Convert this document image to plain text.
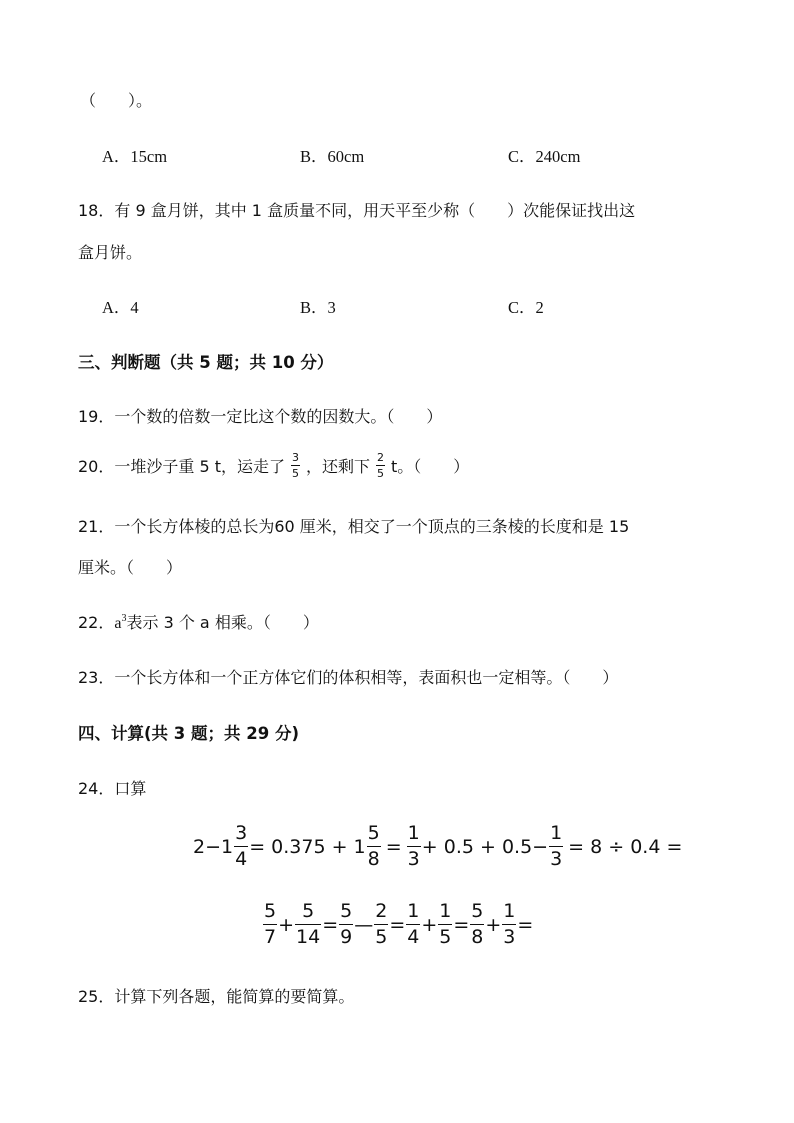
（　　）。
A．15cm	B．60cm	C．240cm
18．有 9 盒月饼，其中 1 盒质量不同，用天平至少称（　　）次能保证找出这
盒月饼。
A．4	B．3	C．2
三、判断题（共 5 题；共 10 分）
19．一个数的倍数一定比这个数的因数大。（　　）
20．一堆沙子重 5 t，运走了 $\frac{3}{5}$ ，还剩下 $\frac{2}{5}$ t。（　　）
21．一个长方体棱的总长为60 厘米，相交了一个顶点的三条棱的长度和是 15
厘米。（　　）
22．$a^3$表示 3 个 a 相乘。（　　）
23．一个长方体和一个正方体它们的体积相等，表面积也一定相等。（　　）
四、计算(共 3 题；共 29 分)
24．口算
$2-1 \frac{3}{4} = 0.375 + 1 \frac{5}{8} = \frac{1}{3} + 0.5 + 0.5- \frac{1}{3} = 8 \div 0.4$ =
$\frac{5}{7} + \frac{5}{14} = \frac{5}{9}$ — $\frac{2}{5} = \frac{1}{4} + \frac{1}{5} = \frac{5}{8} + \frac{1}{3}$ =
25．计算下列各题，能简算的要简算。
